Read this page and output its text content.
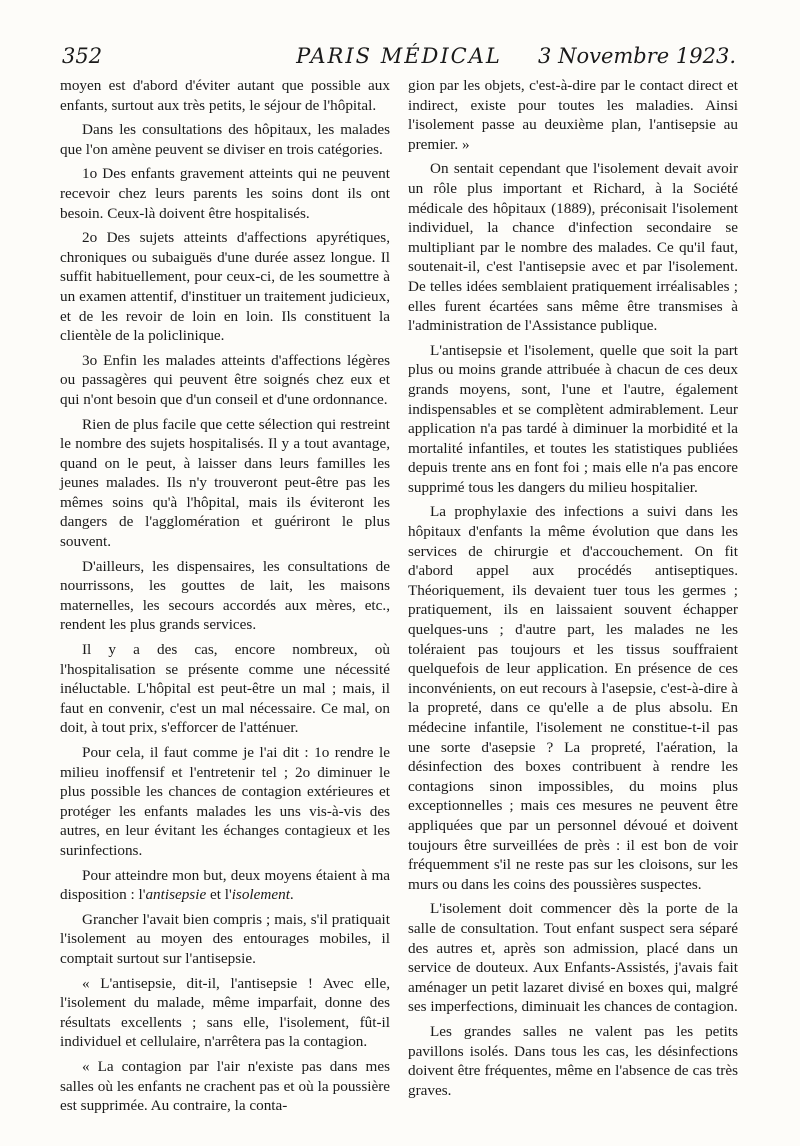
352	PARIS MÉDICAL	3 Novembre 1923.

moyen est d'abord d'éviter autant que possible aux enfants, surtout aux très petits, le séjour de l'hôpital.

Dans les consultations des hôpitaux, les malades que l'on amène peuvent se diviser en trois catégories.

1o Des enfants gravement atteints qui ne peuvent recevoir chez leurs parents les soins dont ils ont besoin. Ceux-là doivent être hospitalisés.

2o Des sujets atteints d'affections apyrétiques, chroniques ou subaiguës d'une durée assez longue. Il suffit habituellement, pour ceux-ci, de les soumettre à un examen attentif, d'instituer un traitement judicieux, et de les revoir de loin en loin. Ils constituent la clientèle de la policlinique.

3o Enfin les malades atteints d'affections légères ou passagères qui peuvent être soignés chez eux et qui n'ont besoin que d'un conseil et d'une ordonnance.

Rien de plus facile que cette sélection qui restreint le nombre des sujets hospitalisés. Il y a tout avantage, quand on le peut, à laisser dans leurs familles les jeunes malades. Ils n'y trouveront peut-être pas les mêmes soins qu'à l'hôpital, mais ils éviteront les dangers de l'agglomération et guériront le plus souvent.

D'ailleurs, les dispensaires, les consultations de nourrissons, les gouttes de lait, les maisons maternelles, les secours accordés aux mères, etc., rendent les plus grands services.

Il y a des cas, encore nombreux, où l'hospitalisation se présente comme une nécessité inéluctable. L'hôpital est peut-être un mal ; mais, il faut en convenir, c'est un mal nécessaire. Ce mal, on doit, à tout prix, s'efforcer de l'atténuer.

Pour cela, il faut comme je l'ai dit : 1o rendre le milieu inoffensif et l'entretenir tel ; 2o diminuer le plus possible les chances de contagion extérieures et protéger les enfants malades les uns vis-à-vis des autres, en leur évitant les échanges contagieux et les surinfections.

Pour atteindre mon but, deux moyens étaient à ma disposition : l'antisepsie et l'isolement.

Grancher l'avait bien compris ; mais, s'il pratiquait l'isolement au moyen des entourages mobiles, il comptait surtout sur l'antisepsie.

« L'antisepsie, dit-il, l'antisepsie ! Avec elle, l'isolement du malade, même imparfait, donne des résultats excellents ; sans elle, l'isolement, fût-il individuel et cellulaire, n'arrêtera pas la contagion.

« La contagion par l'air n'existe pas dans mes salles où les enfants ne crachent pas et où la poussière est supprimée. Au contraire, la conta-

gion par les objets, c'est-à-dire par le contact direct et indirect, existe pour toutes les maladies. Ainsi l'isolement passe au deuxième plan, l'antisepsie au premier. »

On sentait cependant que l'isolement devait avoir un rôle plus important et Richard, à la Société médicale des hôpitaux (1889), préconisait l'isolement individuel, la chance d'infection secondaire se multipliant par le nombre des malades. Ce qu'il faut, soutenait-il, c'est l'antisepsie avec et par l'isolement. De telles idées semblaient pratiquement irréalisables ; elles furent écartées sans même être transmises à l'administration de l'Assistance publique.

L'antisepsie et l'isolement, quelle que soit la part plus ou moins grande attribuée à chacun de ces deux grands moyens, sont, l'une et l'autre, également indispensables et se complètent admirablement. Leur application n'a pas tardé à diminuer la morbidité et la mortalité infantiles, et toutes les statistiques publiées depuis trente ans en font foi ; mais elle n'a pas encore supprimé tous les dangers du milieu hospitalier.

La prophylaxie des infections a suivi dans les hôpitaux d'enfants la même évolution que dans les services de chirurgie et d'accouchement. On fit d'abord appel aux procédés antiseptiques. Théoriquement, ils devaient tuer tous les germes ; pratiquement, ils en laissaient souvent échapper quelques-uns ; d'autre part, les malades ne les toléraient pas toujours et les tissus souffraient quelquefois de leur application. En présence de ces inconvénients, on eut recours à l'asepsie, c'est-à-dire à la propreté, dans ce qu'elle a de plus absolu. En médecine infantile, l'isolement ne constitue-t-il pas une sorte d'asepsie ? La propreté, l'aération, la désinfection des boxes contribuent à rendre les contagions sinon impossibles, du moins plus exceptionnelles ; mais ces mesures ne peuvent être appliquées que par un personnel dévoué et doivent toujours être surveillées de près : il est bon de voir fréquemment s'il ne reste pas sur les cloisons, sur les murs ou dans les coins des poussières suspectes.

L'isolement doit commencer dès la porte de la salle de consultation. Tout enfant suspect sera séparé des autres et, après son admission, placé dans un service de douteux. Aux Enfants-Assistés, j'avais fait aménager un petit lazaret divisé en boxes qui, malgré ses imperfections, diminuait les chances de contagion.

Les grandes salles ne valent pas les petits pavillons isolés. Dans tous les cas, les désinfections doivent être fréquentes, même en l'absence de cas très graves.
